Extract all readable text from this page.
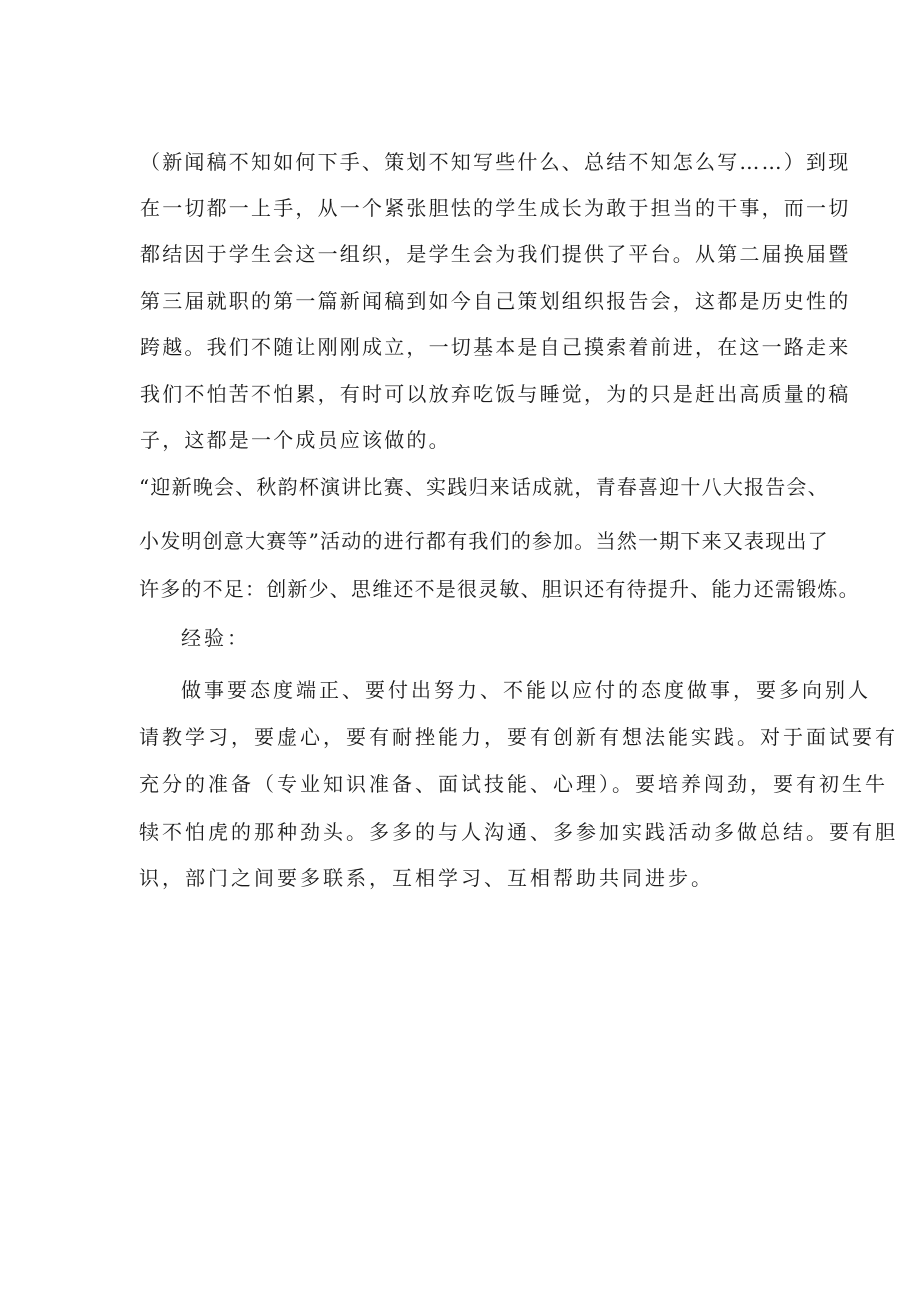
（新闻稿不知如何下手、策划不知写些什么、总结不知怎么写……）到现
在一切都一上手，从一个紧张胆怯的学生成长为敢于担当的干事，而一切
都结因于学生会这一组织，是学生会为我们提供了平台。从第二届换届暨
第三届就职的第一篇新闻稿到如今自己策划组织报告会，这都是历史性的
跨越。我们不随让刚刚成立，一切基本是自己摸索着前进，在这一路走来
我们不怕苦不怕累，有时可以放弃吃饭与睡觉，为的只是赶出高质量的稿
子，这都是一个成员应该做的。
“迎新晚会、秋韵杯演讲比赛、实践归来话成就，青春喜迎十八大报告会、
小发明创意大赛等”活动的进行都有我们的参加。当然一期下来又表现出了
许多的不足：创新少、思维还不是很灵敏、胆识还有待提升、能力还需锻炼。
经验：
做事要态度端正、要付出努力、不能以应付的态度做事，要多向别人
请教学习，要虚心，要有耐挫能力，要有创新有想法能实践。对于面试要有
充分的准备（专业知识准备、面试技能、心理）。要培养闯劲，要有初生牛
犊不怕虎的那种劲头。多多的与人沟通、多参加实践活动多做总结。要有胆
识，部门之间要多联系，互相学习、互相帮助共同进步。
